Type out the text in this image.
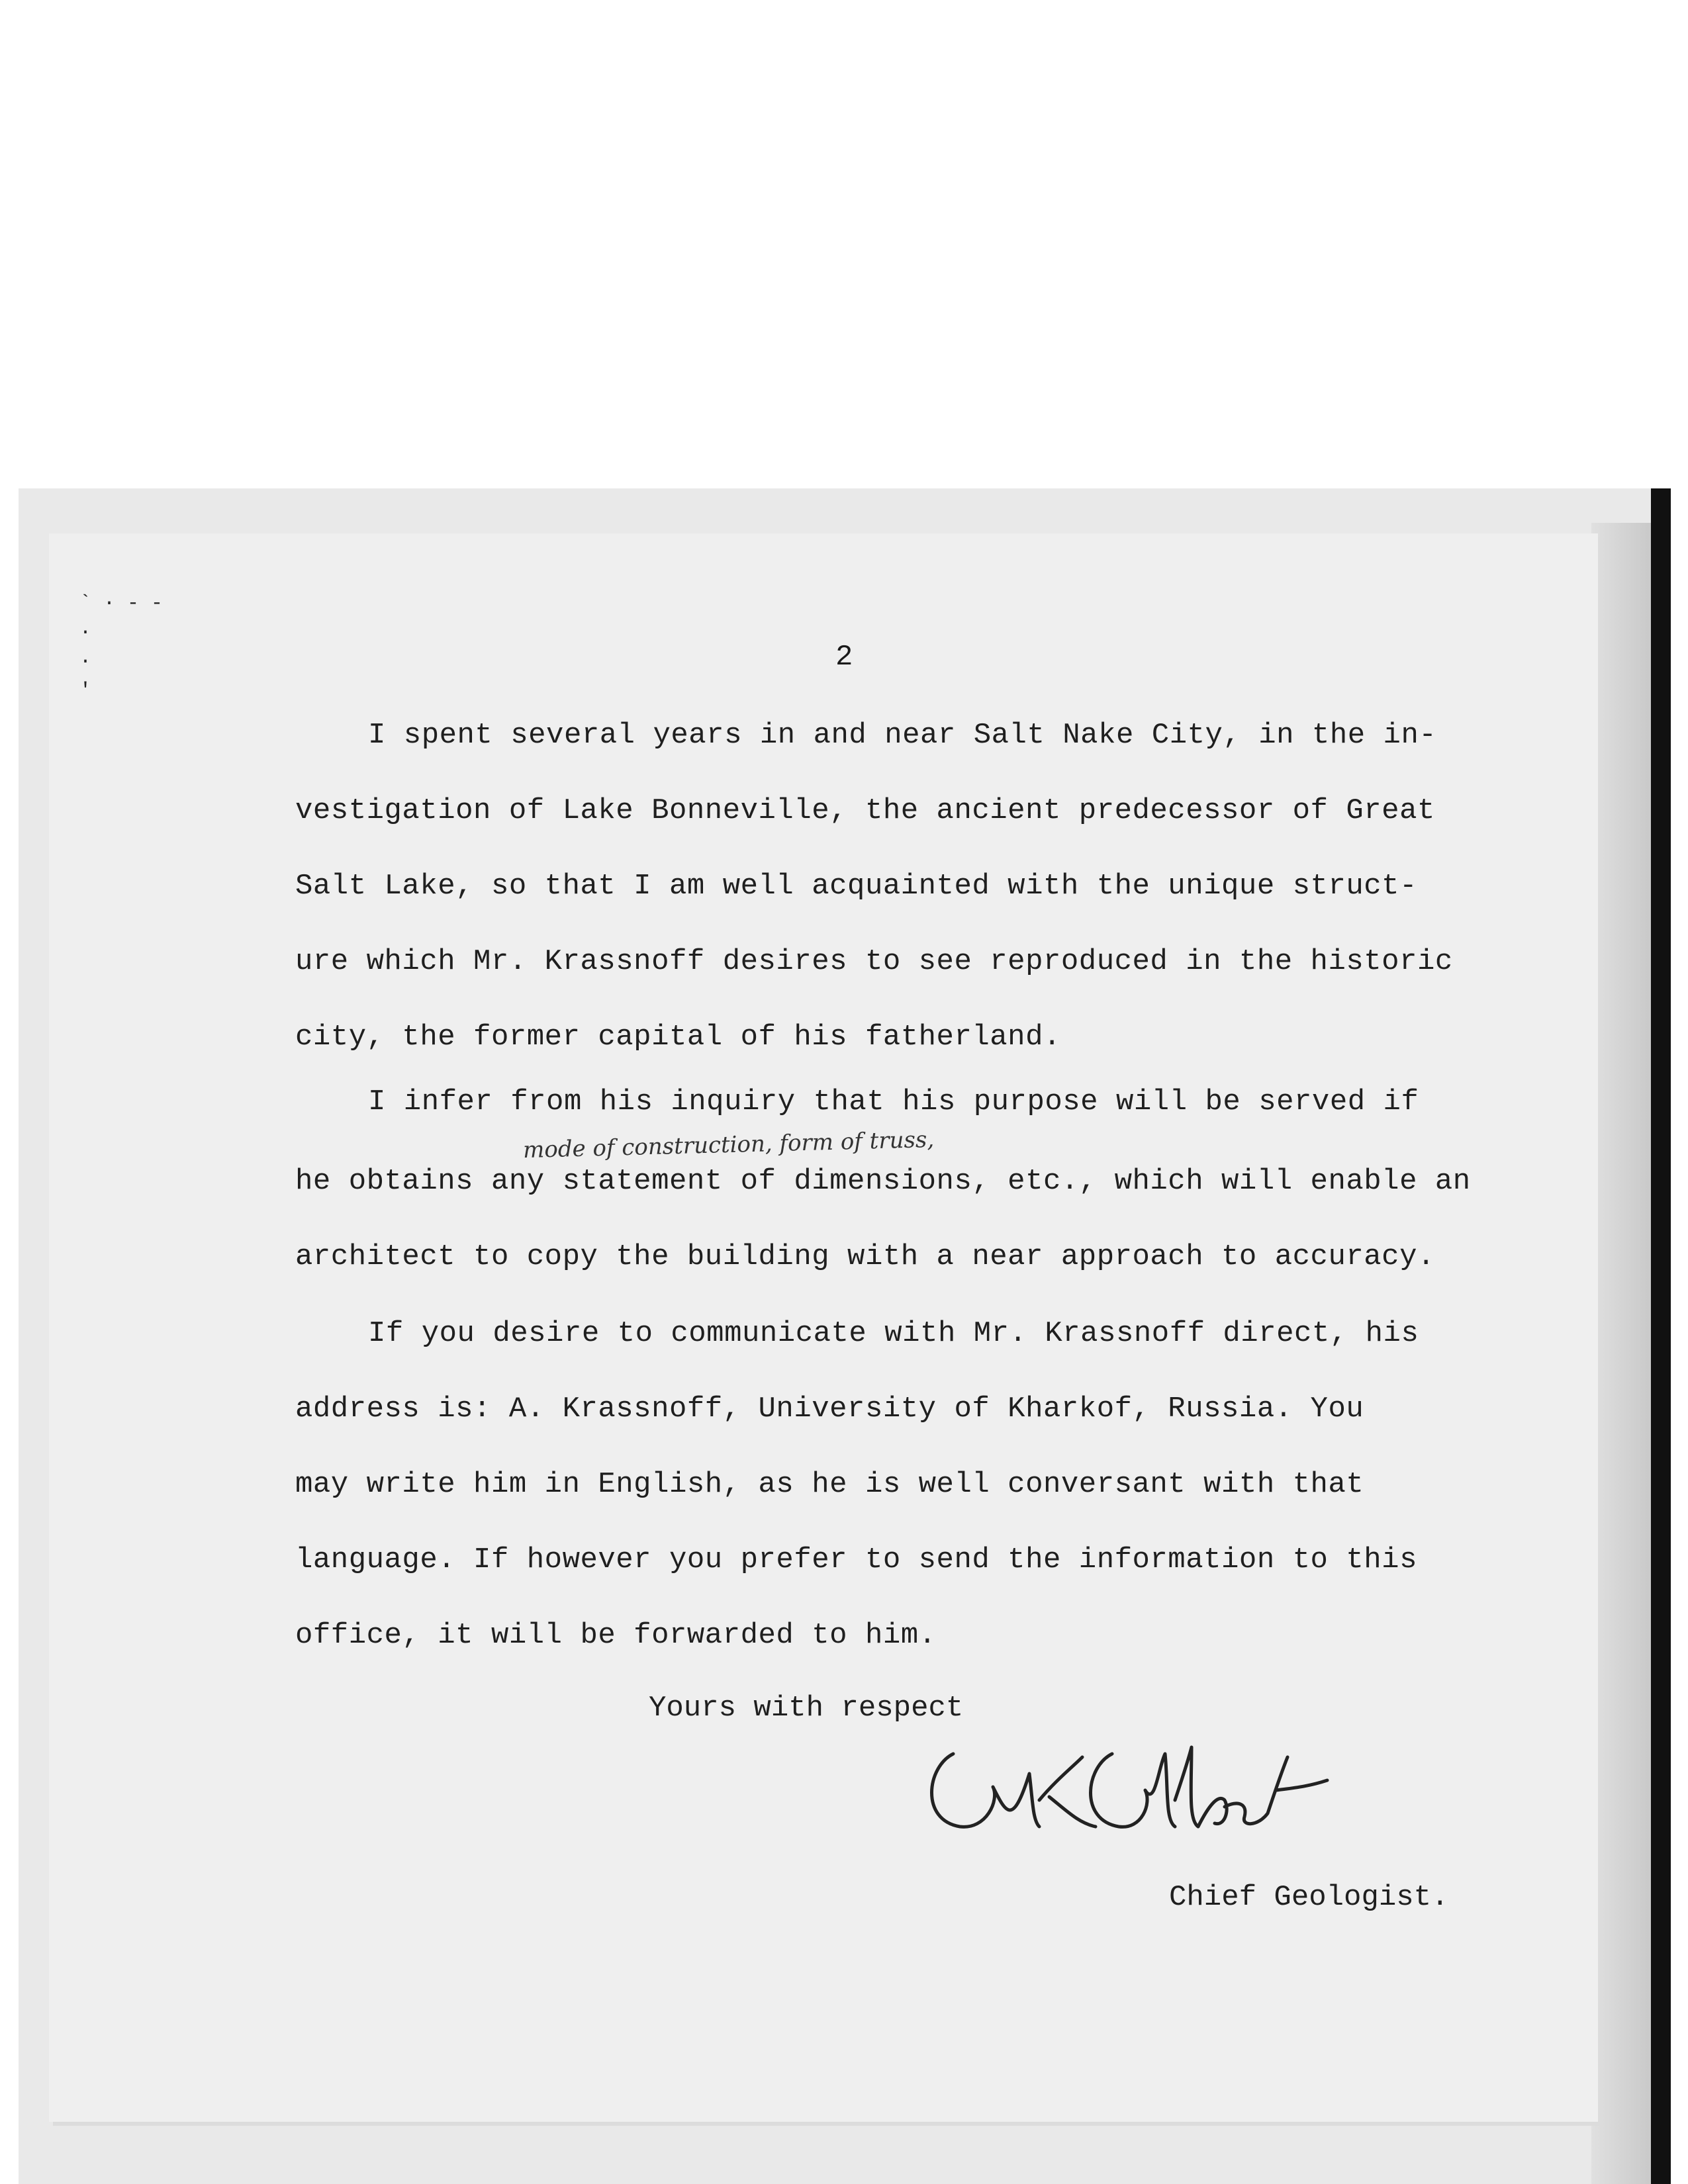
` · - -
·
·
'
2
I spent several years in and near Salt Nake City, in the in-
vestigation of Lake Bonneville, the ancient predecessor of Great
Salt Lake, so that I am well acquainted with the unique struct-
ure which Mr. Krassnoff desires to see reproduced in the historic
city, the former capital of his fatherland.
I infer from his inquiry that his purpose will be served if
mode of construction, form of truss,
he obtains any statement of dimensions, etc., which will enable an
architect to copy the building with a near approach to accuracy.
If you desire to communicate with Mr. Krassnoff direct, his
address is: A. Krassnoff, University of Kharkof, Russia. You
may write him in English, as he is well conversant with that
language. If however you prefer to send the information to this
office, it will be forwarded to him.
Yours with respect
Chief Geologist.
